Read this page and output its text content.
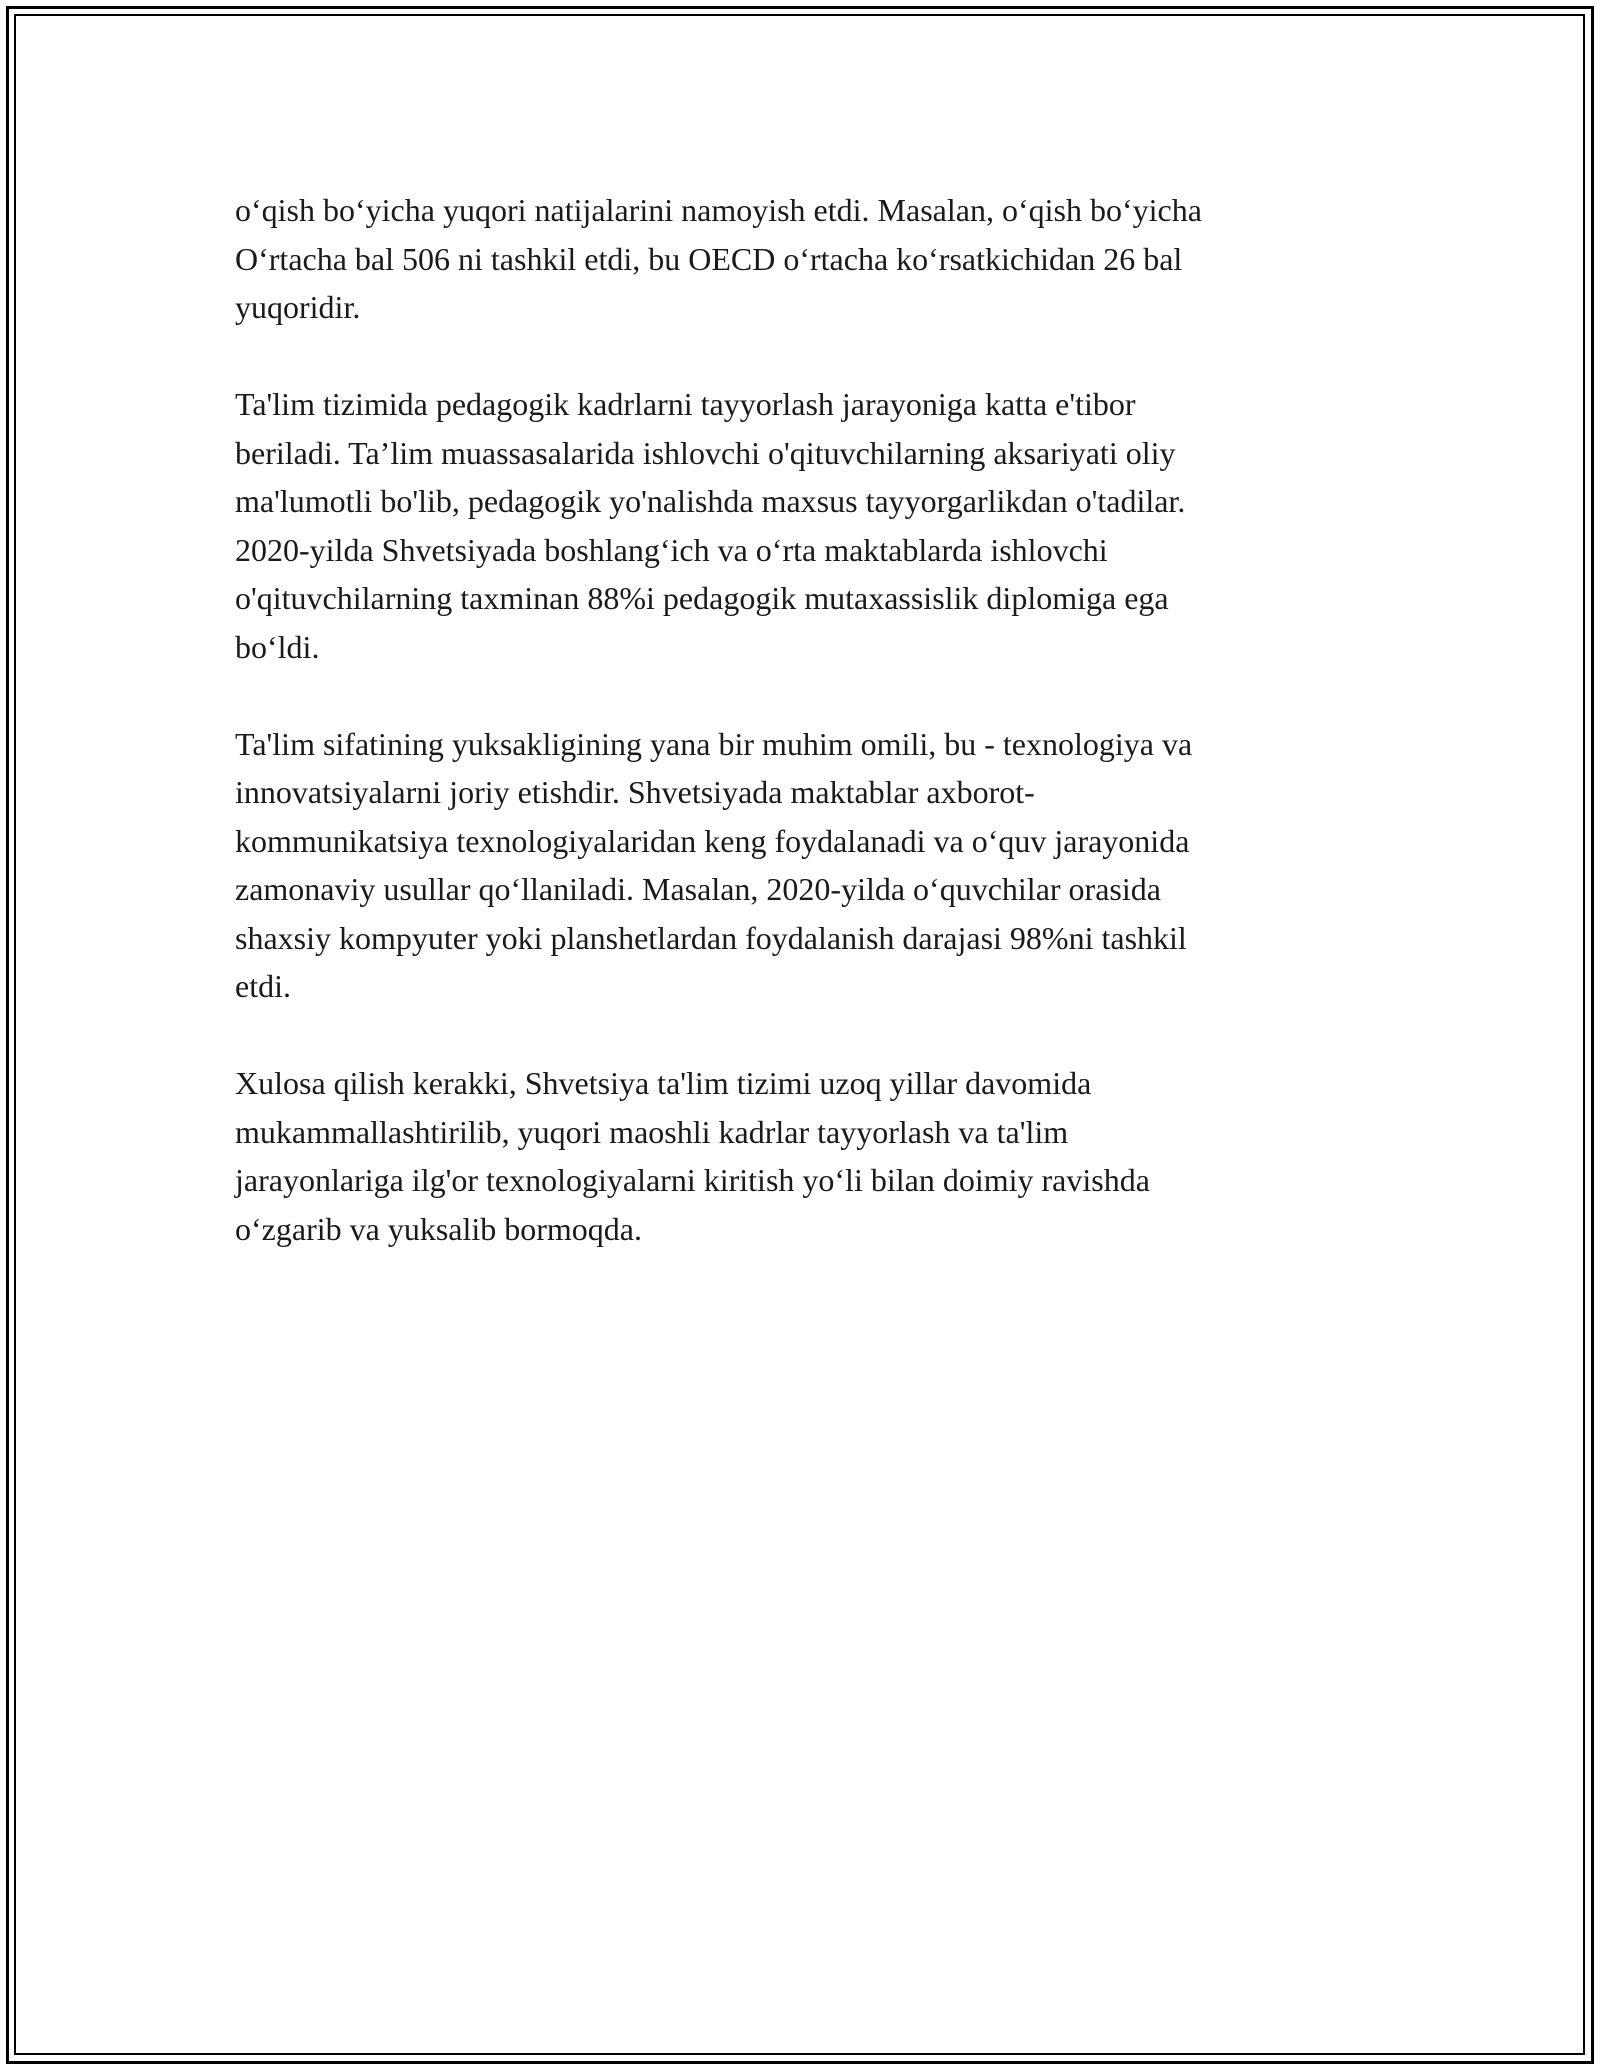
o‘qish bo‘yicha yuqori natijalarini namoyish etdi. Masalan, o‘qish bo‘yicha
O‘rtacha bal 506 ni tashkil etdi, bu OECD o‘rtacha ko‘rsatkichidan 26 bal
yuqoridir.

Ta'lim tizimida pedagogik kadrlarni tayyorlash jarayoniga katta e'tibor
beriladi. Taʼlim muassasalarida ishlovchi o'qituvchilarning aksariyati oliy
ma'lumotli bo'lib, pedagogik yo'nalishda maxsus tayyorgarlikdan o'tadilar.
2020-yilda Shvetsiyada boshlang‘ich va o‘rta maktablarda ishlovchi
o'qituvchilarning taxminan 88%i pedagogik mutaxassislik diplomiga ega
bo‘ldi.

Ta'lim sifatining yuksakligining yana bir muhim omili, bu - texnologiya va
innovatsiyalarni joriy etishdir. Shvetsiyada maktablar axborot-
kommunikatsiya texnologiyalaridan keng foydalanadi va o‘quv jarayonida
zamonaviy usullar qo‘llaniladi. Masalan, 2020-yilda o‘quvchilar orasida
shaxsiy kompyuter yoki planshetlardan foydalanish darajasi 98%ni tashkil
etdi.

Xulosa qilish kerakki, Shvetsiya ta'lim tizimi uzoq yillar davomida
mukammallashtirilib, yuqori maoshli kadrlar tayyorlash va ta'lim
jarayonlariga ilg'or texnologiyalarni kiritish yo‘li bilan doimiy ravishda
o‘zgarib va yuksalib bormoqda.
